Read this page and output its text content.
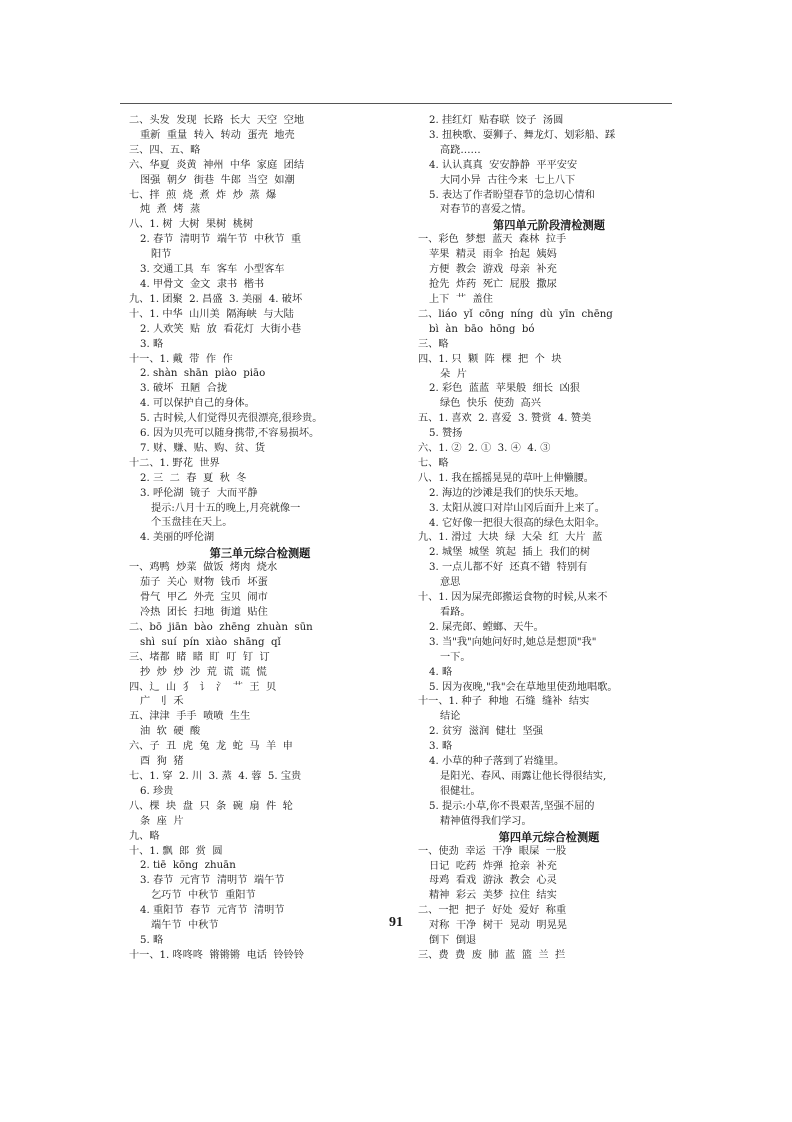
二、头发  发现  长路  长大  天空  空地
重新  重量  转入  转动  蛋壳  地壳
三、四、五、略
六、华夏  炎黄  神州  中华  家庭  团结
图强  朝夕  街巷  牛郎  当空  如潮
七、拌  煎  烧  煮  炸  炒  蒸  爆
炖  煮  烤  蒸
八、1. 树  大树  果树  桃树
2. 春节  清明节  端午节  中秋节  重
阳节
3. 交通工具  车  客车  小型客车
4. 甲骨文  金文  隶书  楷书
九、1. 团聚  2. 昌盛  3. 美丽  4. 破坏
十、1. 中华  山川美  隔海峡  与大陆
2. 人欢笑  贴  放  看花灯  大街小巷
3. 略
十一、1. 戴  带  作  作
2. shàn  shān  piào  piāo
3. 破坏  丑陋  合拢
4. 可以保护自己的身体。
5. 古时候,人们觉得贝壳很漂亮,很珍贵。
6. 因为贝壳可以随身携带,不容易损坏。
7. 财、赚、贴、购、贫、货
十二、1. 野花  世界
2. 三  二  春  夏  秋  冬
3. 呼伦湖  镜子  大而平静
提示:八月十五的晚上,月亮就像一
个玉盘挂在天上。
4. 美丽的呼伦湖
第三单元综合检测题
一、鸡鸭  炒菜  做饭  烤肉  烧水
茄子  关心  财物  钱币  坏蛋
骨气  甲乙  外壳  宝贝  闹市
冷热  团长  扫地  街道  贴住
二、bō  jiān  bào  zhēng  zhuàn  sūn
shì  suí  pín  xiào  shāng  qǐ
三、堵都  睹  睹  盯  叮  钉  订
抄  炒  炒  沙  荒  谎  谎  慌
四、辶  山  犭  讠  氵  艹  王  贝
广  刂  禾
五、津津  手手  喷喷  生生
油  软  硬  酸
六、子  丑  虎  兔  龙  蛇  马  羊  申
酉  狗  猪
七、1. 穿  2. 川  3. 蒸  4. 蓉  5. 宝贵
6. 珍贵
八、棵  块  盘  只  条  碗  扇  件  轮
条  座  片
九、略
十、1. 飘  郎  赏  圆
2. tiē  kōng  zhuān
3. 春节  元宵节  清明节  端午节
乞巧节  中秋节  重阳节
4. 重阳节  春节  元宵节  清明节
端午节  中秋节
5. 略
十一、1. 咚咚咚  锵锵锵  电话  铃铃铃
2. 挂红灯  贴春联  饺子  汤圆
3. 扭秧歌、耍狮子、舞龙灯、划彩船、踩
高跷……
4. 认认真真  安安静静  平平安安
大同小异  古往今来  七上八下
5. 表达了作者盼望春节的急切心情和
对春节的喜爱之情。
第四单元阶段清检测题
一、彩色  梦想  蓝天  森林  拉手
苹果  精灵  雨伞  抬起  姨妈
方便  教会  游戏  母亲  补充
抢先  炸药  死亡  屁股  撒尿
上下  艹  盖住
二、liáo  yǐ  cōng  níng  dù  yīn  chēng
bì  àn  bāo  hōng  bó
三、略
四、1. 只  颗  阵  棵  把  个  块
朵  片
2. 彩色  蓝蓝  苹果般  细长  凶狠
绿色  快乐  使劲  高兴
五、1. 喜欢  2. 喜爱  3. 赞赏  4. 赞美
5. 赞扬
六、1. ②  2. ①  3. ④  4. ③
七、略
八、1. 我在摇摇晃晃的草叶上伸懒腰。
2. 海边的沙滩是我们的快乐天地。
3. 太阳从渡口对岸山冈后面升上来了。
4. 它好像一把很大很高的绿色太阳伞。
九、1. 滑过  大块  绿  大朵  红  大片  蓝
2. 城堡  城堡  筑起  插上  我们的树
3. 一点儿都不好  还真不错  特别有
意思
十、1. 因为屎壳郎搬运食物的时候,从来不
看路。
2. 屎壳郎、螳螂、天牛。
3. 当"我"向她问好时,她总是想顶"我"
一下。
4. 略
5. 因为夜晚,"我"会在草地里使劲地唱歌。
十一、1. 种子  种地  石缝  缝补  结实
结论
2. 贫穷  滋润  健壮  坚强
3. 略
4. 小草的种子落到了岩缝里。
是阳光、春风、雨露让他长得很结实,
很健壮。
5. 提示:小草,你不畏艰苦,坚强不屈的
精神值得我们学习。
第四单元综合检测题
一、使劲  幸运  干净  眼屎  一股
日记  吃药  炸弹  抢亲  补充
母鸡  看戏  游泳  教会  心灵
精神  彩云  美梦  拉住  结实
二、一把  把子  好处  爱好  称重
对称  干净  树干  晃动  明晃晃
倒下  倒退
三、费  费  废  肺  蓝  篮  兰  拦
91
